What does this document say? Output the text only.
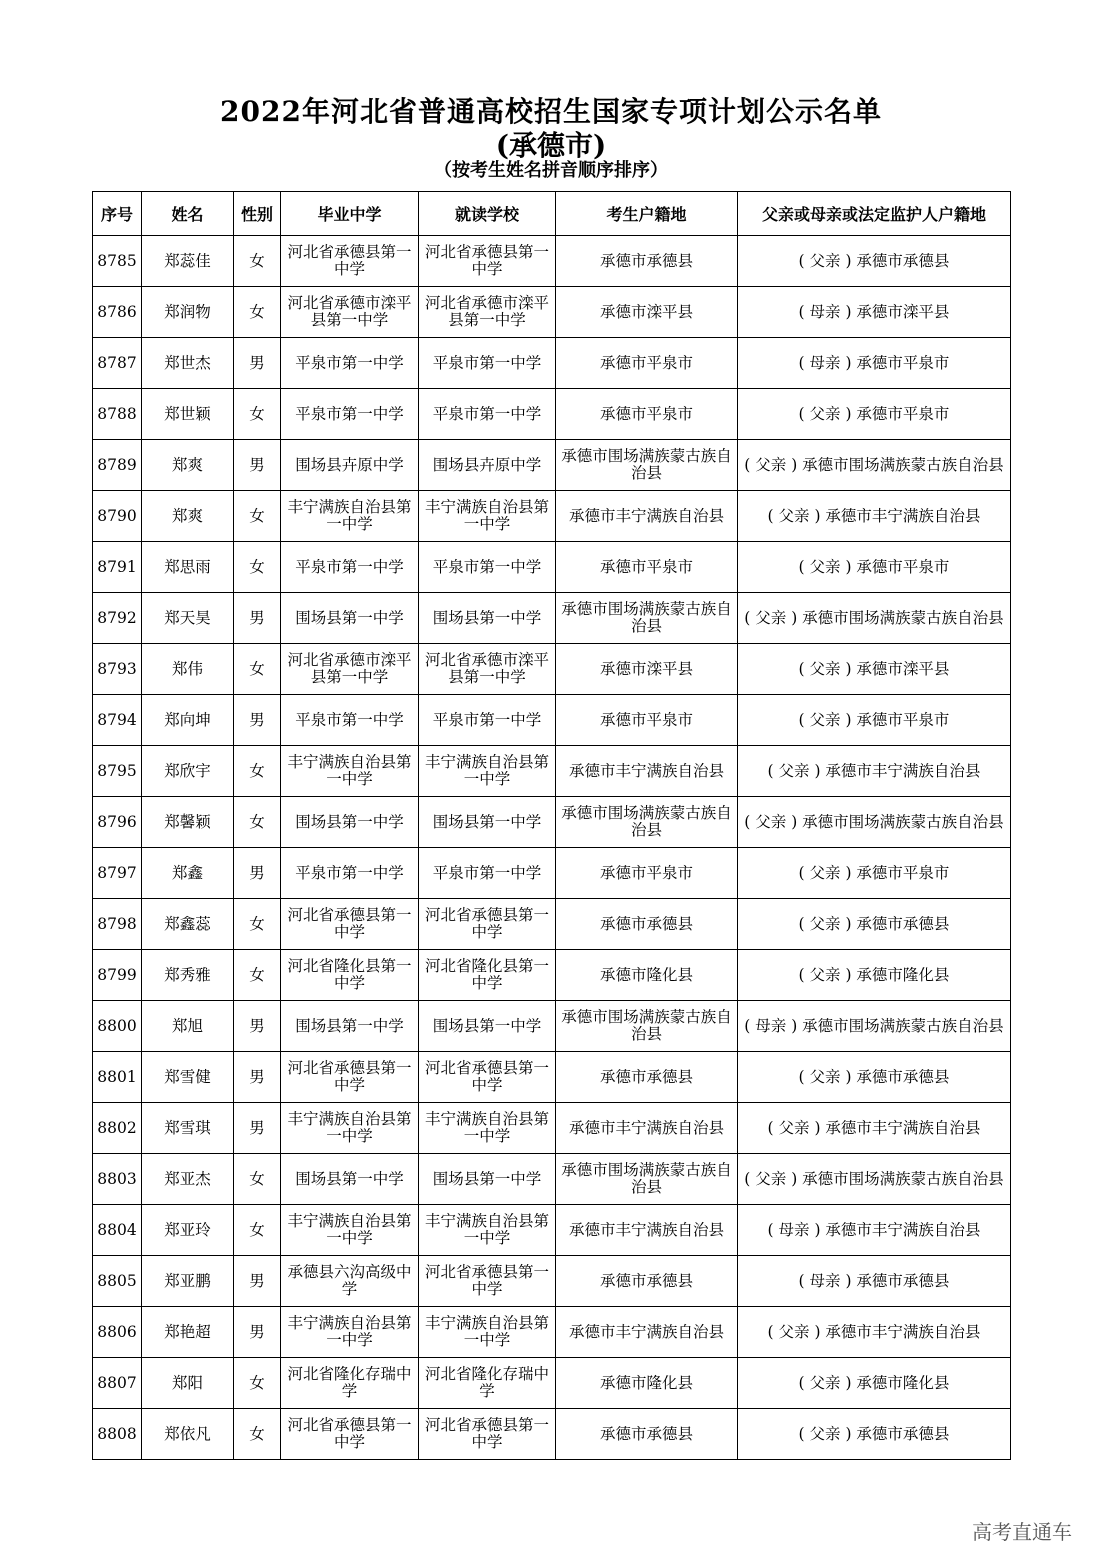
2022年河北省普通高校招生国家专项计划公示名单
(承德市)
（按考生姓名拼音顺序排序）
序号	姓名	性别	毕业中学	就读学校	考生户籍地	父亲或母亲或法定监护人户籍地
8785	郑蕊佳	女	河北省承德县第一中学	河北省承德县第一中学	承德市承德县	( 父亲 ) 承德市承德县
8786	郑润物	女	河北省承德市滦平县第一中学	河北省承德市滦平县第一中学	承德市滦平县	( 母亲 ) 承德市滦平县
8787	郑世杰	男	平泉市第一中学	平泉市第一中学	承德市平泉市	( 母亲 ) 承德市平泉市
8788	郑世颖	女	平泉市第一中学	平泉市第一中学	承德市平泉市	( 父亲 ) 承德市平泉市
8789	郑爽	男	围场县卉原中学	围场县卉原中学	承德市围场满族蒙古族自治县	( 父亲 ) 承德市围场满族蒙古族自治县
8790	郑爽	女	丰宁满族自治县第一中学	丰宁满族自治县第一中学	承德市丰宁满族自治县	( 父亲 ) 承德市丰宁满族自治县
8791	郑思雨	女	平泉市第一中学	平泉市第一中学	承德市平泉市	( 父亲 ) 承德市平泉市
8792	郑天昊	男	围场县第一中学	围场县第一中学	承德市围场满族蒙古族自治县	( 父亲 ) 承德市围场满族蒙古族自治县
8793	郑伟	女	河北省承德市滦平县第一中学	河北省承德市滦平县第一中学	承德市滦平县	( 父亲 ) 承德市滦平县
8794	郑向坤	男	平泉市第一中学	平泉市第一中学	承德市平泉市	( 父亲 ) 承德市平泉市
8795	郑欣宇	女	丰宁满族自治县第一中学	丰宁满族自治县第一中学	承德市丰宁满族自治县	( 父亲 ) 承德市丰宁满族自治县
8796	郑馨颖	女	围场县第一中学	围场县第一中学	承德市围场满族蒙古族自治县	( 父亲 ) 承德市围场满族蒙古族自治县
8797	郑鑫	男	平泉市第一中学	平泉市第一中学	承德市平泉市	( 父亲 ) 承德市平泉市
8798	郑鑫蕊	女	河北省承德县第一中学	河北省承德县第一中学	承德市承德县	( 父亲 ) 承德市承德县
8799	郑秀雅	女	河北省隆化县第一中学	河北省隆化县第一中学	承德市隆化县	( 父亲 ) 承德市隆化县
8800	郑旭	男	围场县第一中学	围场县第一中学	承德市围场满族蒙古族自治县	( 母亲 ) 承德市围场满族蒙古族自治县
8801	郑雪健	男	河北省承德县第一中学	河北省承德县第一中学	承德市承德县	( 父亲 ) 承德市承德县
8802	郑雪琪	男	丰宁满族自治县第一中学	丰宁满族自治县第一中学	承德市丰宁满族自治县	( 父亲 ) 承德市丰宁满族自治县
8803	郑亚杰	女	围场县第一中学	围场县第一中学	承德市围场满族蒙古族自治县	( 父亲 ) 承德市围场满族蒙古族自治县
8804	郑亚玲	女	丰宁满族自治县第一中学	丰宁满族自治县第一中学	承德市丰宁满族自治县	( 母亲 ) 承德市丰宁满族自治县
8805	郑亚鹏	男	承德县六沟高级中学	河北省承德县第一中学	承德市承德县	( 母亲 ) 承德市承德县
8806	郑艳超	男	丰宁满族自治县第一中学	丰宁满族自治县第一中学	承德市丰宁满族自治县	( 父亲 ) 承德市丰宁满族自治县
8807	郑阳	女	河北省隆化存瑞中学	河北省隆化存瑞中学	承德市隆化县	( 父亲 ) 承德市隆化县
8808	郑依凡	女	河北省承德县第一中学	河北省承德县第一中学	承德市承德县	( 父亲 ) 承德市承德县
高考直通车
